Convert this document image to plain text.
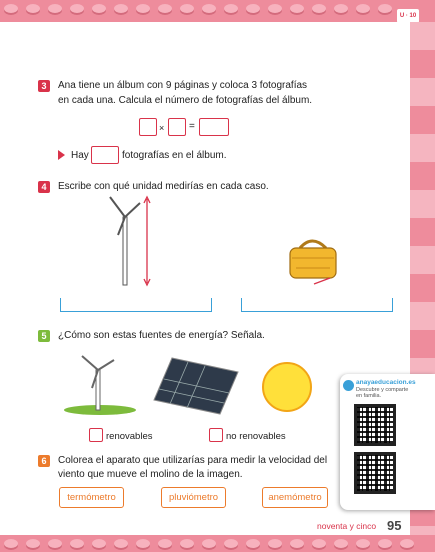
U · 10
3	Ana tiene un álbum con 9 páginas y coloca 3 fotografías
en cada una. Calcula el número de fotografías del álbum.
× =
Hay	fotografías en el álbum.
4	Escribe con qué unidad medirías en cada caso.
5	¿Cómo son estas fuentes de energía? Señala.
renovables	no renovables
6	Colorea el aparato que utilizarías para medir la velocidad del
viento que mueve el molino de la imagen.
termómetro	pluviómetro	anemómetro
anayaeducacion.es
Descubre y comparte
en familia.
noventa y cinco 95
